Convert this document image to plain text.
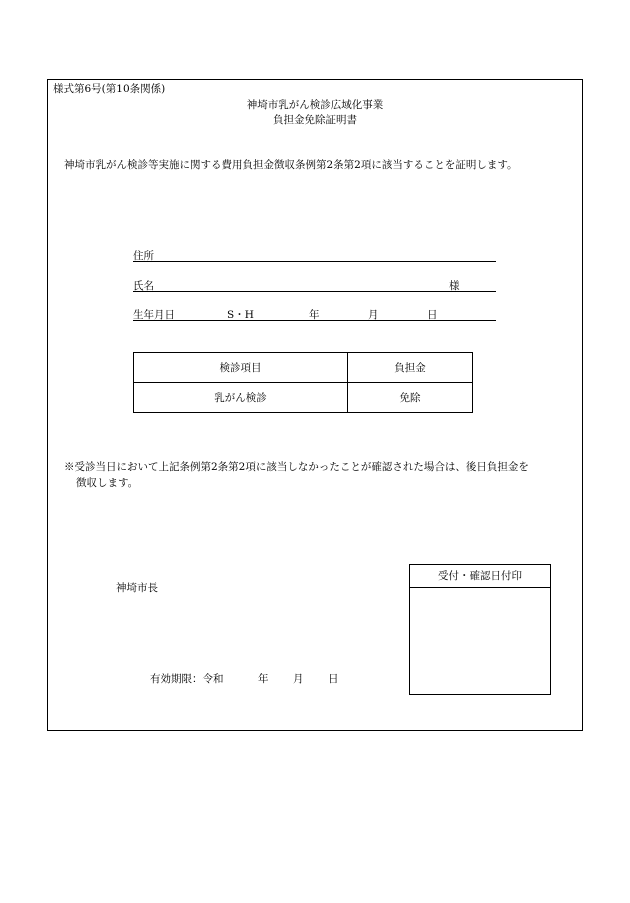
様式第6号(第10条関係)
神埼市乳がん検診広域化事業
負担金免除証明書
神埼市乳がん検診等実施に関する費用負担金徴収条例第2条第2項に該当することを証明します。
住所
氏名	様
生年月日	S・H	年	月	日
検診項目	負担金
乳がん検診	免除
※受診当日において上記条例第2条第2項に該当しなかったことが確認された場合は、後日負担金を
徴収します。
神埼市長
受付・確認日付印
有効期限：令和	年 月 日
